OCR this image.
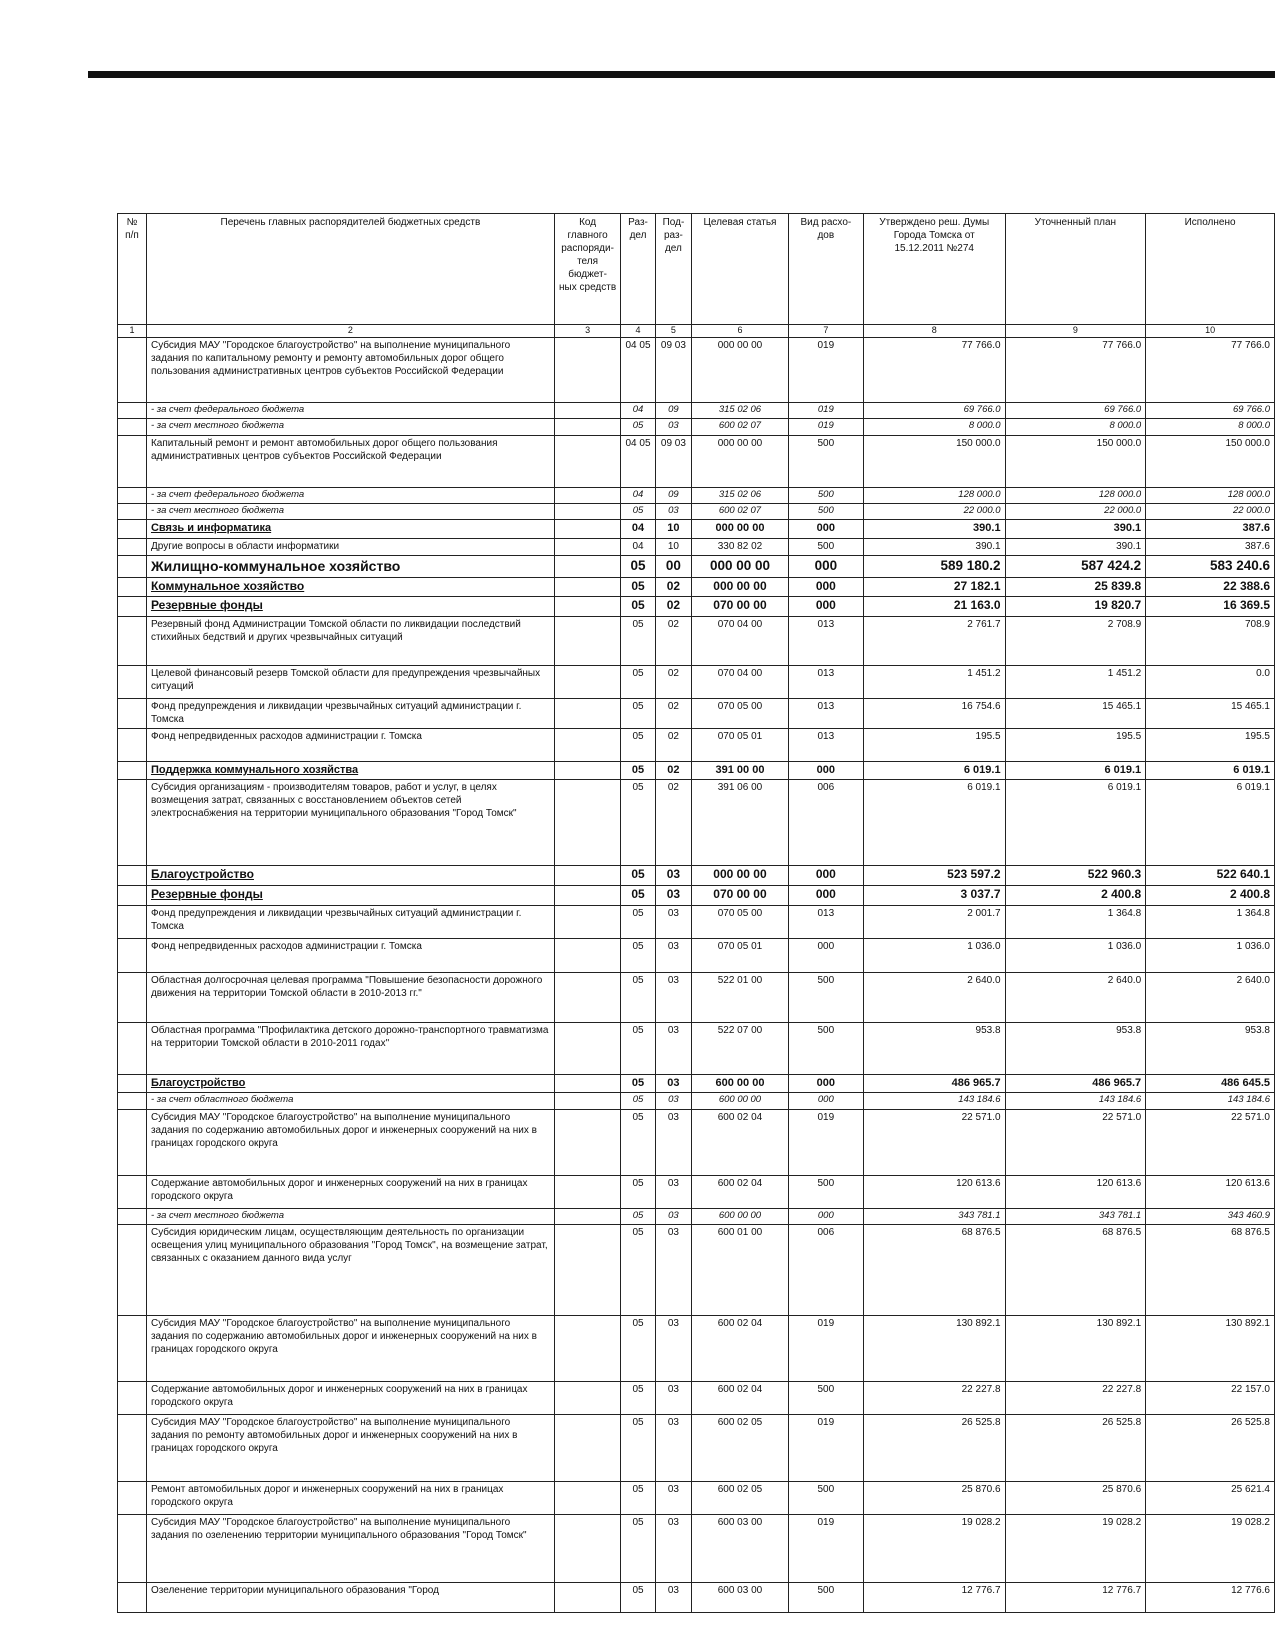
№ п/п	Перечень главных распорядителей бюджетных средств	Код главного распоряди- теля бюджет- ных средств	Раз- дел	Под- раз- дел	Целевая статья	Вид расхо- дов	Утверждено реш. Думы Города Томска от 15.12.2011 №274	Уточненный план	Исполнено
1	2	3	4	5	6	7	8	9	10
	Субсидия МАУ "Городское благоустройство" на выполнение муниципального задания по капитальному ремонту и ремонту автомобильных дорог общего пользования административных центров субъектов Российской Федерации		04 05	09 03	000 00 00	019	77 766.0	77 766.0	77 766.0
	- за счет федерального бюджета		04	09	315 02 06	019	69 766.0	69 766.0	69 766.0
	- за счет местного бюджета		05	03	600 02 07	019	8 000.0	8 000.0	8 000.0
	Капитальный ремонт и ремонт автомобильных дорог общего пользования административных центров субъектов Российской Федерации		04 05	09 03	000 00 00	500	150 000.0	150 000.0	150 000.0
	- за счет федерального бюджета		04	09	315 02 06	500	128 000.0	128 000.0	128 000.0
	- за счет местного бюджета		05	03	600 02 07	500	22 000.0	22 000.0	22 000.0
	Связь и информатика		04	10	000 00 00	000	390.1	390.1	387.6
	Другие вопросы в области информатики		04	10	330 82 02	500	390.1	390.1	387.6
	Жилищно-коммунальное хозяйство		05	00	000 00 00	000	589 180.2	587 424.2	583 240.6
	Коммунальное хозяйство		05	02	000 00 00	000	27 182.1	25 839.8	22 388.6
	Резервные фонды		05	02	070 00 00	000	21 163.0	19 820.7	16 369.5
	Резервный фонд Администрации Томской области по ликвидации последствий стихийных бедствий и других чрезвычайных ситуаций		05	02	070 04 00	013	2 761.7	2 708.9	708.9
	Целевой финансовый резерв Томской области для предупреждения чрезвычайных ситуаций		05	02	070 04 00	013	1 451.2	1 451.2	0.0
	Фонд предупреждения и ликвидации чрезвычайных ситуаций администрации г. Томска		05	02	070 05 00	013	16 754.6	15 465.1	15 465.1
	Фонд непредвиденных расходов администрации г. Томска		05	02	070 05 01	013	195.5	195.5	195.5
	Поддержка коммунального хозяйства		05	02	391 00 00	000	6 019.1	6 019.1	6 019.1
	Субсидия организациям - производителям товаров, работ и услуг, в целях возмещения затрат, связанных с восстановлением объектов сетей электроснабжения на территории муниципального образования "Город Томск"		05	02	391 06 00	006	6 019.1	6 019.1	6 019.1
	Благоустройство		05	03	000 00 00	000	523 597.2	522 960.3	522 640.1
	Резервные фонды		05	03	070 00 00	000	3 037.7	2 400.8	2 400.8
	Фонд предупреждения и ликвидации чрезвычайных ситуаций администрации г. Томска		05	03	070 05 00	013	2 001.7	1 364.8	1 364.8
	Фонд непредвиденных расходов администрации г. Томска		05	03	070 05 01	000	1 036.0	1 036.0	1 036.0
	Областная долгосрочная целевая программа "Повышение безопасности дорожного движения на территории Томской области в 2010-2013 гг."		05	03	522 01 00	500	2 640.0	2 640.0	2 640.0
	Областная программа "Профилактика детского дорожно-транспортного травматизма на территории Томской области в 2010-2011 годах"		05	03	522 07 00	500	953.8	953.8	953.8
	Благоустройство		05	03	600 00 00	000	486 965.7	486 965.7	486 645.5
	- за счет областного бюджета		05	03	600 00 00	000	143 184.6	143 184.6	143 184.6
	Субсидия МАУ "Городское благоустройство" на выполнение муниципального задания по содержанию автомобильных дорог и инженерных сооружений на них в границах городского округа		05	03	600 02 04	019	22 571.0	22 571.0	22 571.0
	Содержание автомобильных дорог и инженерных сооружений на них в границах городского округа		05	03	600 02 04	500	120 613.6	120 613.6	120 613.6
	- за счет местного бюджета		05	03	600 00 00	000	343 781.1	343 781.1	343 460.9
	Субсидия юридическим лицам, осуществляющим деятельность по организации освещения улиц муниципального образования "Город Томск", на возмещение затрат, связанных с оказанием данного вида услуг		05	03	600 01 00	006	68 876.5	68 876.5	68 876.5
	Субсидия МАУ "Городское благоустройство" на выполнение муниципального задания по содержанию автомобильных дорог и инженерных сооружений на них в границах городского округа		05	03	600 02 04	019	130 892.1	130 892.1	130 892.1
	Содержание автомобильных дорог и инженерных сооружений на них в границах городского округа		05	03	600 02 04	500	22 227.8	22 227.8	22 157.0
	Субсидия МАУ "Городское благоустройство" на выполнение муниципального задания по ремонту автомобильных дорог и инженерных сооружений на них в границах городского округа		05	03	600 02 05	019	26 525.8	26 525.8	26 525.8
	Ремонт автомобильных дорог и инженерных сооружений на них в границах городского округа		05	03	600 02 05	500	25 870.6	25 870.6	25 621.4
	Субсидия МАУ "Городское благоустройство" на выполнение муниципального задания по озеленению территории муниципального образования "Город Томск"		05	03	600 03 00	019	19 028.2	19 028.2	19 028.2
	Озеленение территории муниципального образования "Город		05	03	600 03 00	500	12 776.7	12 776.7	12 776.6
